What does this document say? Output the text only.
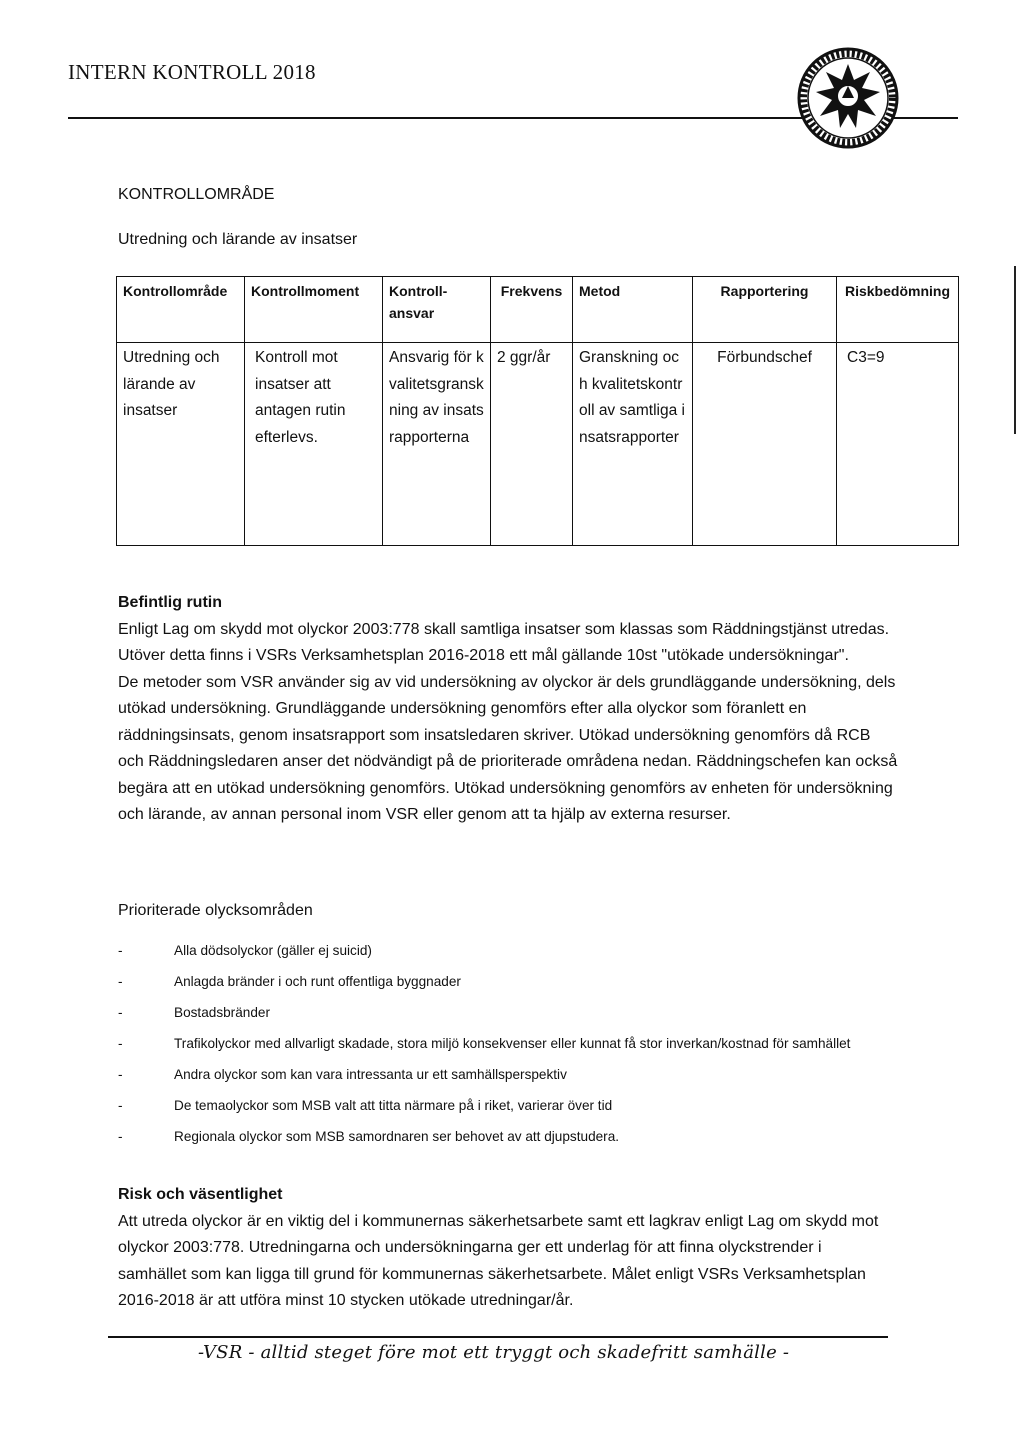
INTERN KONTROLL 2018
KONTROLLOMRÅDE
Utredning och lärande av insatser
Kontrollområde	Kontrollmoment	Kontroll-ansvar	Frekvens	Metod	Rapportering	Riskbedömning
Utredning och lärande av insatser	Kontroll mot insatser att antagen rutin efterlevs.	Ansvarig för kvalitetsgranskning av insatsrapporterna	2 ggr/år	Granskning och kvalitetskontroll av samtliga insatsrapporter	Förbundschef	C3=9

Befintlig rutin

Enligt Lag om skydd mot olyckor 2003:778 skall samtliga insatser som klassas som Räddningstjänst utredas. Utöver detta finns i VSRs Verksamhetsplan 2016-2018 ett mål gällande 10st "utökade undersökningar".

De metoder som VSR använder sig av vid undersökning av olyckor är dels grundläggande undersökning, dels utökad undersökning. Grundläggande undersökning genomförs efter alla olyckor som föranlett en räddningsinsats, genom insatsrapport som insatsledaren skriver. Utökad undersökning genomförs då RCB och Räddningsledaren anser det nödvändigt på de prioriterade områdena nedan. Räddningschefen kan också begära att en utökad undersökning genomförs. Utökad undersökning genomförs av enheten för undersökning och lärande, av annan personal inom VSR eller genom att ta hjälp av externa resurser.

Prioriterade olycksområden
-	Alla dödsolyckor (gäller ej suicid)
-	Anlagda bränder i och runt offentliga byggnader
-	Bostadsbränder
-	Trafikolyckor med allvarligt skadade, stora miljö konsekvenser eller kunnat få stor inverkan/kostnad för samhället
-	Andra olyckor som kan vara intressanta ur ett samhällsperspektiv
-	De temaolyckor som MSB valt att titta närmare på i riket, varierar över tid
-	Regionala olyckor som MSB samordnaren ser behovet av att djupstudera.

Risk och väsentlighet

Att utreda olyckor är en viktig del i kommunernas säkerhetsarbete samt ett lagkrav enligt Lag om skydd mot olyckor 2003:778. Utredningarna och undersökningarna ger ett underlag för att finna olyckstrender i samhället som kan ligga till grund för kommunernas säkerhetsarbete. Målet enligt VSRs Verksamhetsplan 2016-2018 är att utföra minst 10 stycken utökade utredningar/år.

-VSR - alltid steget före mot ett tryggt och skadefritt samhälle -
